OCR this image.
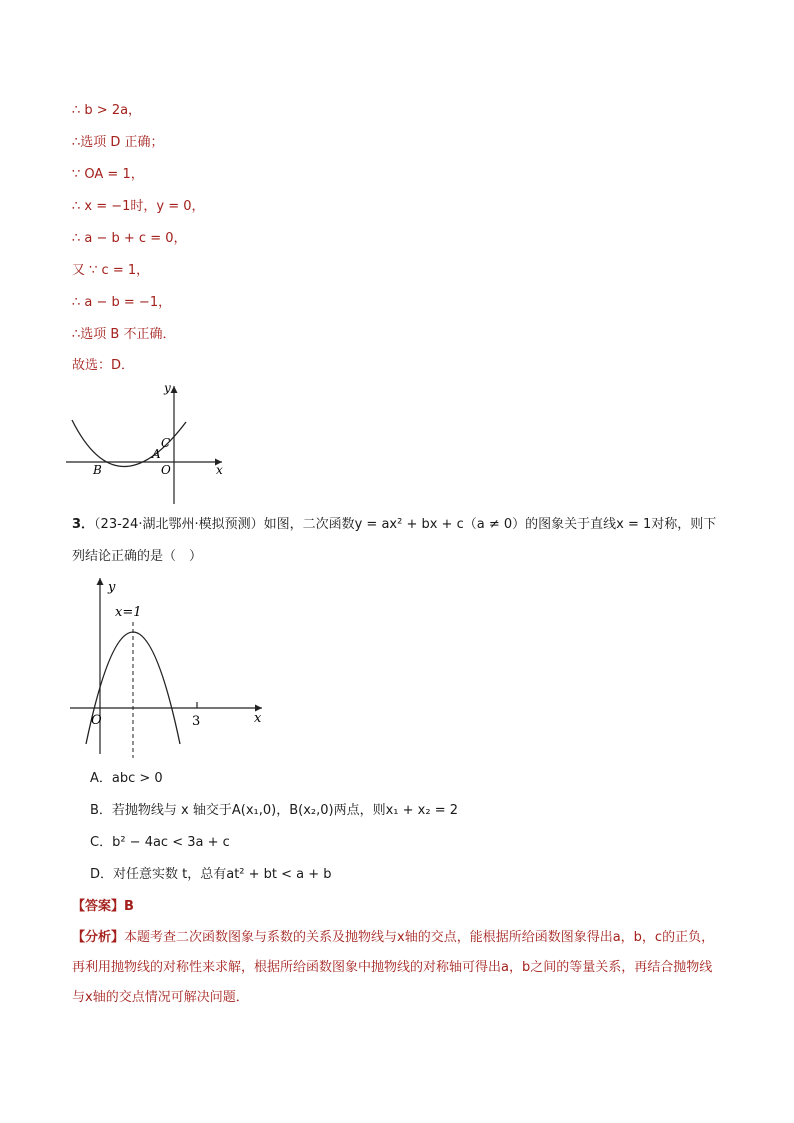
∴ b > 2a，
∴选项 D 正确；
∵ OA = 1，
∴ x = −1时，y = 0，
∴ a − b + c = 0，
又 ∵ c = 1，
∴ a − b = −1，
∴选项 B 不正确．
故选：D．
y
x
B
A
C
O
3．（23-24·湖北鄂州·模拟预测）如图，二次函数y = ax² + bx + c（a ≠ 0）的图象关于直线x = 1对称，则下
列结论正确的是（　）
y
x
O	3
x=1
A．abc > 0
B．若抛物线与 x 轴交于A(x₁,0)，B(x₂,0)两点，则x₁ + x₂ = 2
C．b² − 4ac < 3a + c
D．对任意实数 t，总有at² + bt < a + b
【答案】B
【分析】本题考查二次函数图象与系数的关系及抛物线与x轴的交点，能根据所给函数图象得出a，b，c的正负，再利用抛物线的对称性来求解，根据所给函数图象中抛物线的对称轴可得出a，b之间的等量关系，再结合抛物线与x轴的交点情况可解决问题．
